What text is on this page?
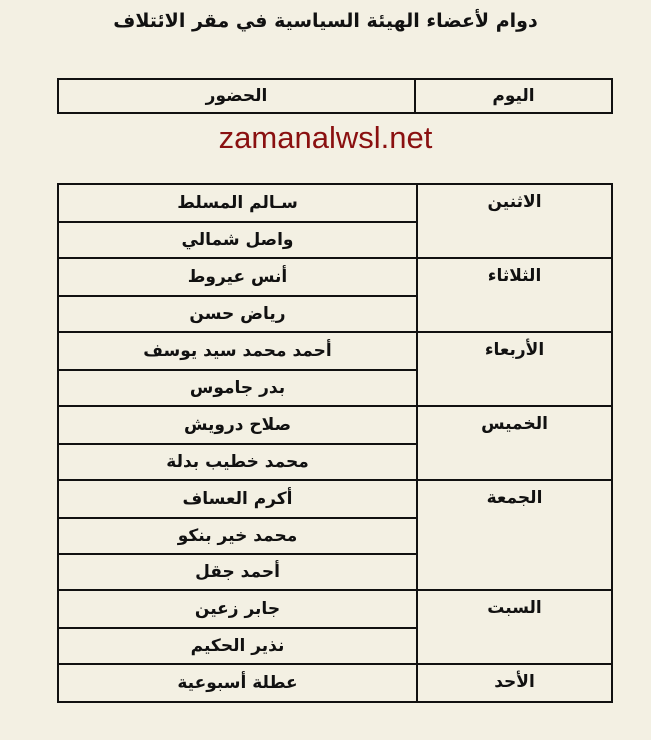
دوام لأعضاء الهيئة السياسية في مقر الائتلاف
اليوم
الحضور
zamanalwsl.net
الاثنين
سـالم المسلط
واصل شمالي
الثلاثاء
أنس عيروط
رياض حسن
الأربعاء
أحمد محمد سيد يوسف
بدر جاموس
الخميس
صلاح درويش
محمد خطيب بدلة
الجمعة
أكرم العساف
محمد خير بنكو
أحمد جقل
السبت
جابر زعين
نذير الحكيم
الأحد
عطلة أسبوعية
